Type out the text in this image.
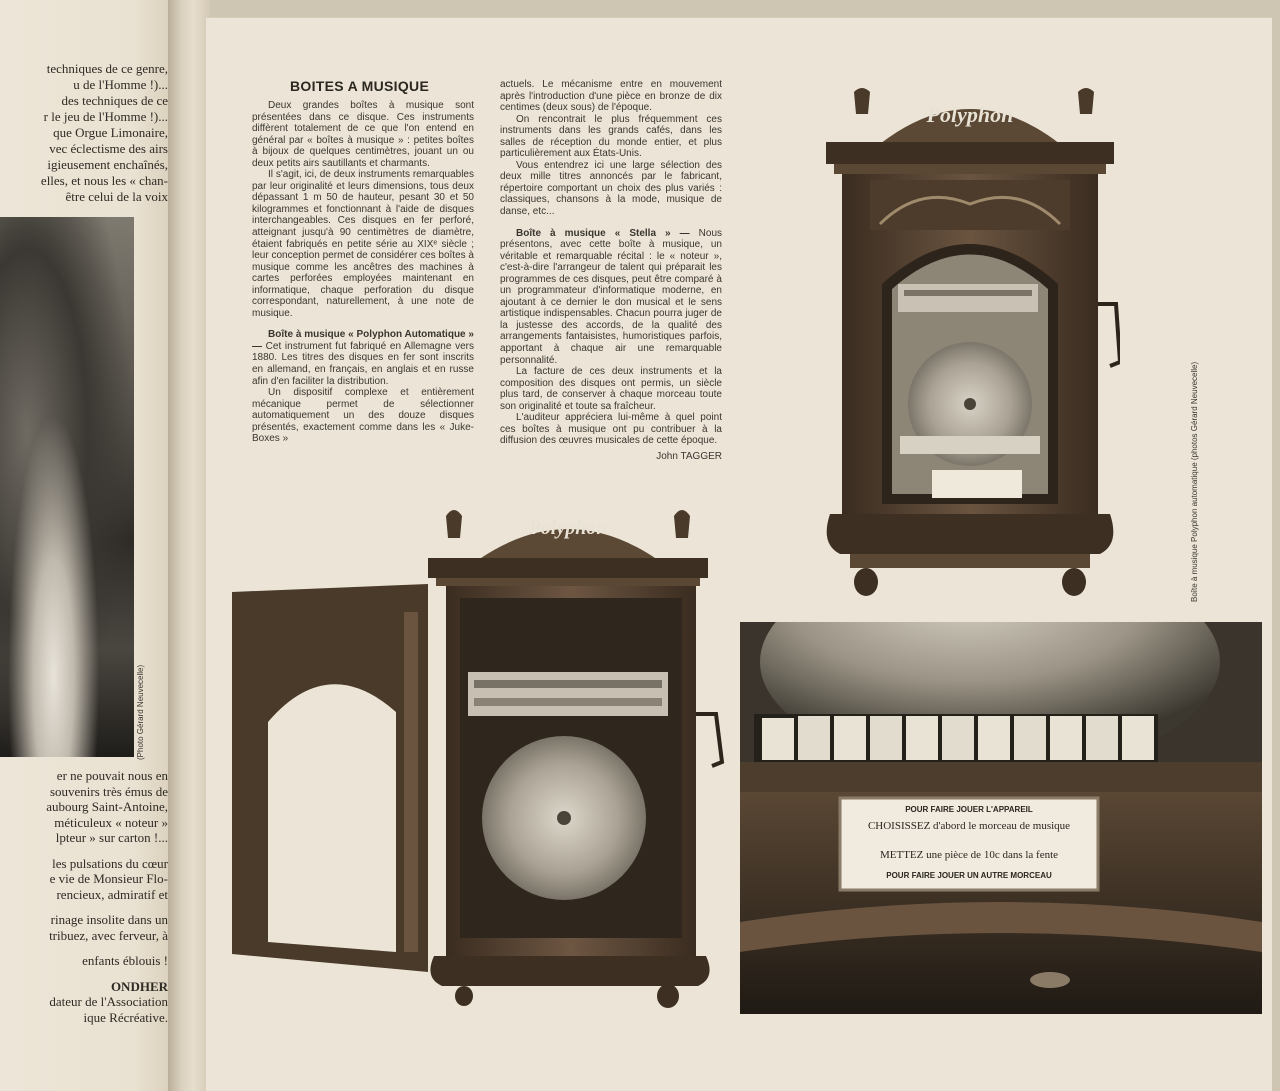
techniques de ce genre,
u de l'Homme !)...
des techniques de ce
r le jeu de l'Homme !)...
que Orgue Limonaire,
vec éclectisme des airs
igieusement enchaînés,
elles, et nous les « chan-
être celui de la voix
(Photo Gérard Neuvecelle)
er ne pouvait nous en
souvenirs très émus de
aubourg Saint-Antoine,
méticuleux « noteur »
lpteur » sur carton !...
les pulsations du cœur
e vie de Monsieur Flo-
rencieux, admiratif et
rinage insolite dans un
tribuez, avec ferveur, à
enfants éblouis !
ONDHER
dateur de l'Association
ique Récréative.
BOITES A MUSIQUE

Deux grandes boîtes à musique sont présentées dans ce disque. Ces instruments diffèrent totalement de ce que l'on entend en général par « boîtes à musique » : petites boîtes à bijoux de quelques centimètres, jouant un ou deux petits airs sautillants et charmants.

Il s'agit, ici, de deux instruments remarquables par leur originalité et leurs dimensions, tous deux dépassant 1 m 50 de hauteur, pesant 30 et 50 kilogrammes et fonctionnant à l'aide de disques interchangeables. Ces disques en fer perforé, atteignant jusqu'à 90 centimètres de diamètre, étaient fabriqués en petite série au XIXᵉ siècle ; leur conception permet de considérer ces boîtes à musique comme les ancêtres des machines à cartes perforées employées maintenant en informatique, chaque perforation du disque correspondant, naturellement, à une note de musique.

Boîte à musique « Polyphon Automatique » — Cet instrument fut fabriqué en Allemagne vers 1880. Les titres des disques en fer sont inscrits en allemand, en français, en anglais et en russe afin d'en faciliter la distribution.

Un dispositif complexe et entièrement mécanique permet de sélectionner automatiquement un des douze disques présentés, exactement comme dans les « Juke-Boxes »

actuels. Le mécanisme entre en mouvement après l'introduction d'une pièce en bronze de dix centimes (deux sous) de l'époque.

On rencontrait le plus fréquemment ces instruments dans les grands cafés, dans les salles de réception du monde entier, et plus particulièrement aux États-Unis.

Vous entendrez ici une large sélection des deux mille titres annoncés par le fabricant, répertoire comportant un choix des plus variés : classiques, chansons à la mode, musique de danse, etc...

Boîte à musique « Stella » — Nous présentons, avec cette boîte à musique, un véritable et remarquable récital : le « noteur », c'est-à-dire l'arrangeur de talent qui préparait les programmes de ces disques, peut être comparé à un programmateur d'informatique moderne, en ajoutant à ce dernier le don musical et le sens artistique indispensables. Chacun pourra juger de la justesse des accords, de la qualité des arrangements fantaisistes, humoristiques parfois, apportant à chaque air une remarquable personnalité.

La facture de ces deux instruments et la composition des disques ont permis, un siècle plus tard, de conserver à chaque morceau toute son originalité et toute sa fraîcheur.

L'auditeur appréciera lui-même à quel point ces boîtes à musique ont pu contribuer à la diffusion des œuvres musicales de cette époque.

John TAGGER

Polyphon
Boîte à musique Polyphon automatique (photos Gérard Neuvecelle)
Polyphon
POUR FAIRE JOUER L'APPAREIL
CHOISISSEZ d'abord le morceau de musique
METTEZ une pièce de 10c dans la fente
POUR FAIRE JOUER UN AUTRE MORCEAU
